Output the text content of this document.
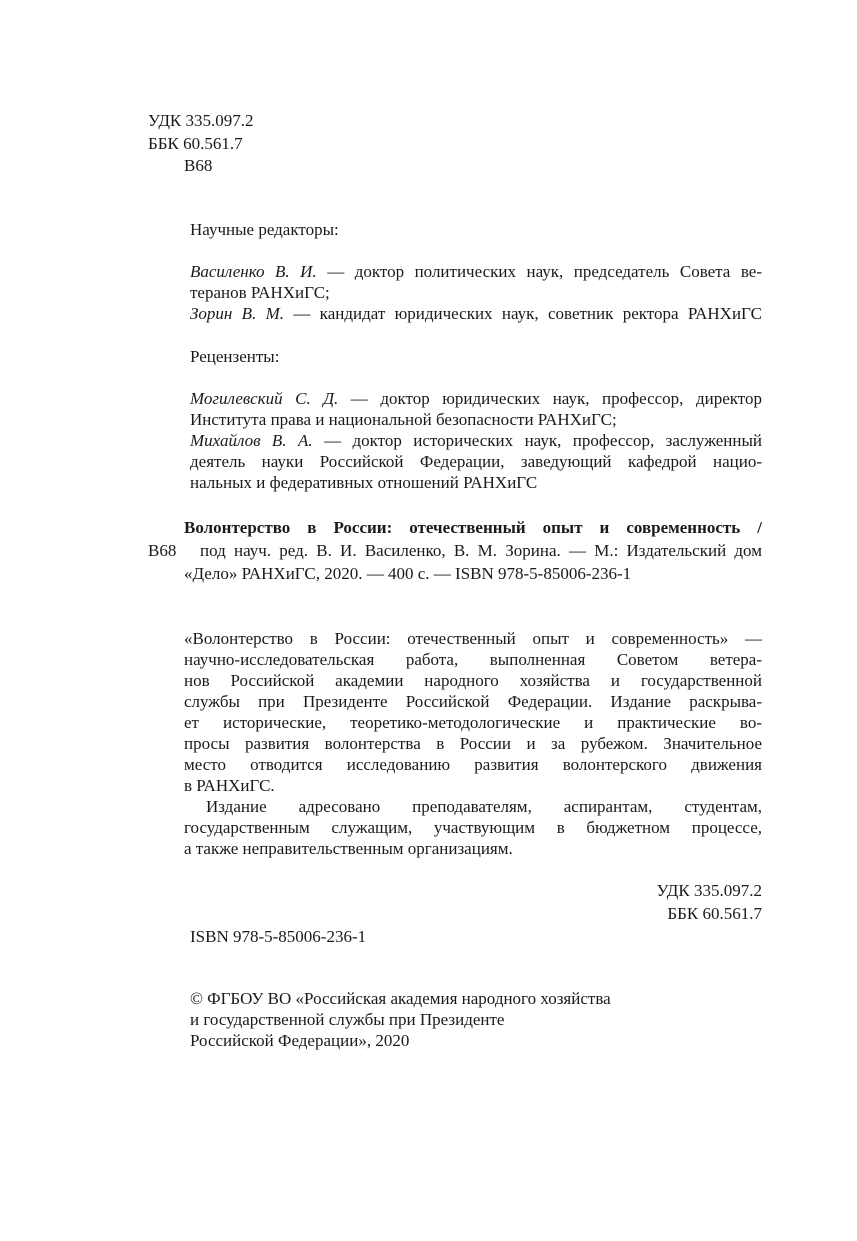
УДК 335.097.2
ББК 60.561.7
В68
Научные редакторы:
Василенко В. И. — доктор политических наук, председатель Совета ве-
теранов РАНХиГС;
Зорин В. М. — кандидат юридических наук, советник ректора РАНХиГС
Рецензенты:
Могилевский С. Д. — доктор юридических наук, профессор, директор
Института права и национальной безопасности РАНХиГС;
Михайлов В. А. — доктор исторических наук, профессор, заслуженный
деятель науки Российской Федерации, заведующий кафедрой нацио-
нальных и федеративных отношений РАНХиГС
Волонтерство в России: отечественный опыт и современность /
В68 под науч. ред. В. И. Василенко, В. М. Зорина. — М.: Издательский дом
«Дело» РАНХиГС, 2020. — 400 с. — ISBN 978-5-85006-236-1
«Волонтерство в России: отечественный опыт и современность» —
научно-исследовательская работа, выполненная Советом ветера-
нов Российской академии народного хозяйства и государственной
службы при Президенте Российской Федерации. Издание раскрыва-
ет исторические, теоретико-методологические и практические во-
просы развития волонтерства в России и за рубежом. Значительное
место отводится исследованию развития волонтерского движения
в РАНХиГС.
Издание адресовано преподавателям, аспирантам, студентам,
государственным служащим, участвующим в бюджетном процессе,
а также неправительственным организациям.
УДК 335.097.2
ББК 60.561.7
ISBN 978-5-85006-236-1
© ФГБОУ ВО «Российская академия народного хозяйства
и государственной службы при Президенте
Российской Федерации», 2020
